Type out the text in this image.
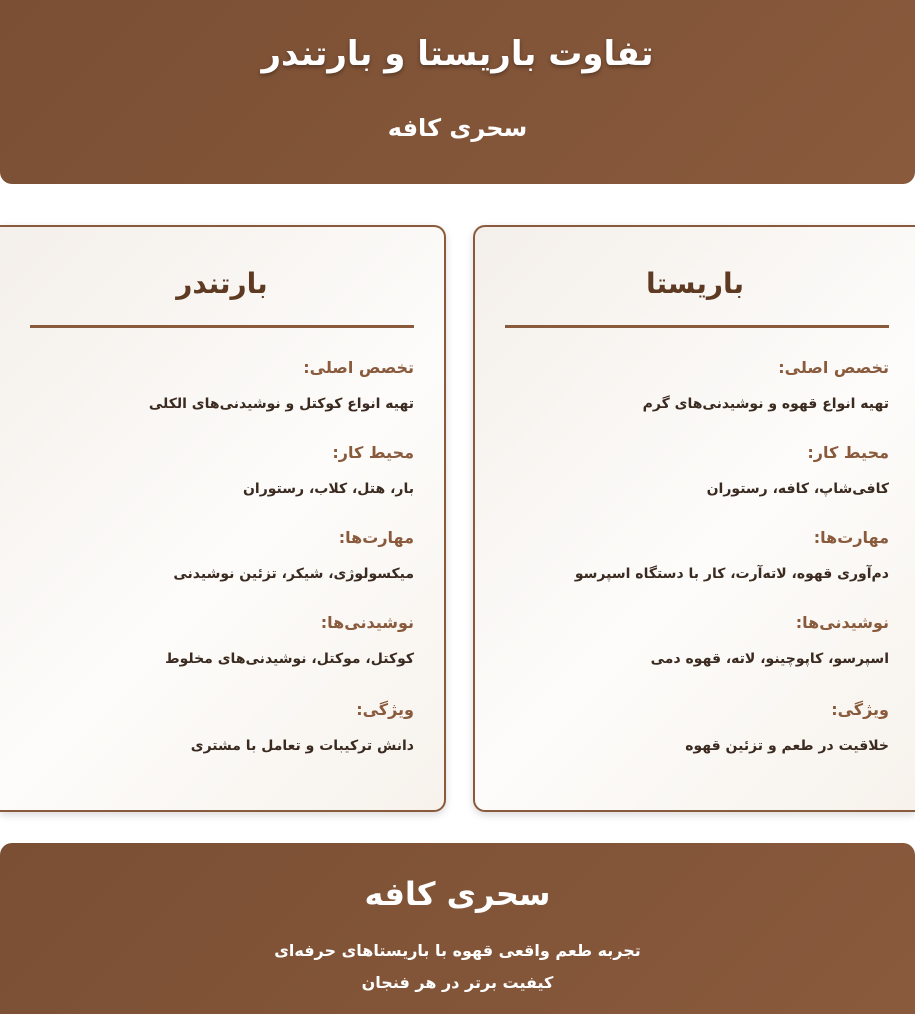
تفاوت باریستا و بارتندر
سحری کافه
باریستا
تخصص اصلی:
تهیه انواع قهوه و نوشیدنی‌های گرم
محیط کار:
کافی‌شاپ، کافه، رستوران
مهارت‌ها:
دم‌آوری قهوه، لاته‌آرت، کار با دستگاه اسپرسو
نوشیدنی‌ها:
اسپرسو، کاپوچینو، لاته، قهوه دمی
ویژگی:
خلاقیت در طعم و تزئین قهوه
بارتندر
تخصص اصلی:
تهیه انواع کوکتل و نوشیدنی‌های الکلی
محیط کار:
بار، هتل، کلاب، رستوران
مهارت‌ها:
میکسولوژی، شیکر، تزئین نوشیدنی
نوشیدنی‌ها:
کوکتل، موکتل، نوشیدنی‌های مخلوط
ویژگی:
دانش ترکیبات و تعامل با مشتری
سحری کافه
تجربه طعم واقعی قهوه با باریستاهای حرفه‌ای
کیفیت برتر در هر فنجان
